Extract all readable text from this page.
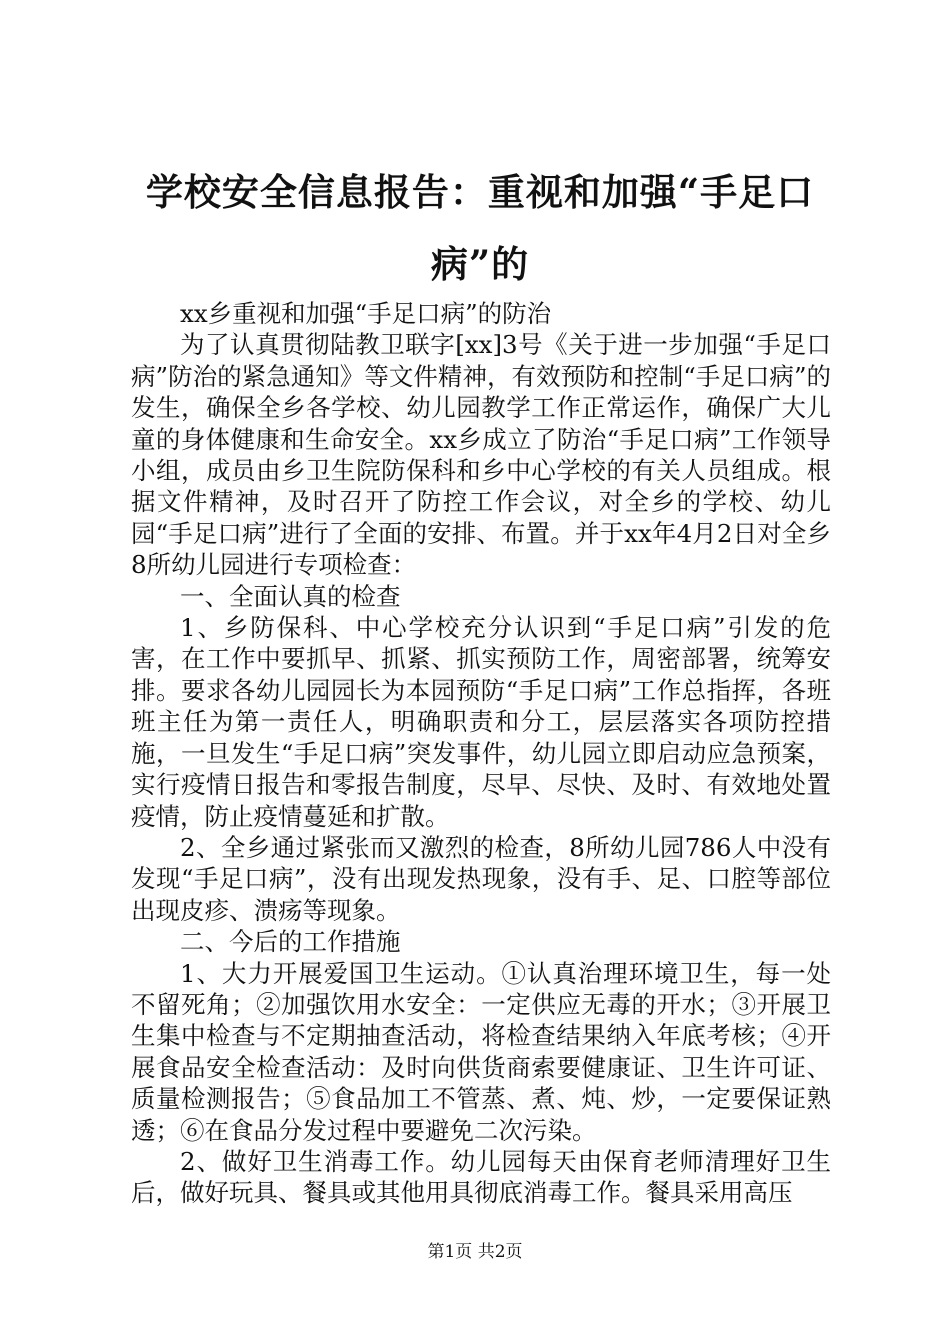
学校安全信息报告：重视和加强“手足口病”的

xx乡重视和加强“手足口病”的防治

为了认真贯彻陆教卫联字[xx]3号《关于进一步加强“手足口病”防治的紧急通知》等文件精神，有效预防和控制“手足口病”的发生，确保全乡各学校、幼儿园教学工作正常运作，确保广大儿童的身体健康和生命安全。xx乡成立了防治“手足口病”工作领导小组，成员由乡卫生院防保科和乡中心学校的有关人员组成。根据文件精神，及时召开了防控工作会议，对全乡的学校、幼儿园“手足口病”进行了全面的安排、布置。并于xx年4月2日对全乡8所幼儿园进行专项检查：

一、全面认真的检查

1、乡防保科、中心学校充分认识到“手足口病”引发的危害，在工作中要抓早、抓紧、抓实预防工作，周密部署，统筹安排。要求各幼儿园园长为本园预防“手足口病”工作总指挥，各班班主任为第一责任人，明确职责和分工，层层落实各项防控措施，一旦发生“手足口病”突发事件，幼儿园立即启动应急预案，实行疫情日报告和零报告制度，尽早、尽快、及时、有效地处置疫情，防止疫情蔓延和扩散。

2、全乡通过紧张而又激烈的检查，8所幼儿园786人中没有发现“手足口病”，没有出现发热现象，没有手、足、口腔等部位出现皮疹、溃疡等现象。

二、今后的工作措施

1、大力开展爱国卫生运动。①认真治理环境卫生，每一处不留死角；②加强饮用水安全：一定供应无毒的开水；③开展卫生集中检查与不定期抽查活动，将检查结果纳入年底考核；④开展食品安全检查活动：及时向供货商索要健康证、卫生许可证、质量检测报告；⑤食品加工不管蒸、煮、炖、炒，一定要保证熟透；⑥在食品分发过程中要避免二次污染。

2、做好卫生消毒工作。幼儿园每天由保育老师清理好卫生后，做好玩具、餐具或其他用具彻底消毒工作。餐具采用高压

第1页 共2页
